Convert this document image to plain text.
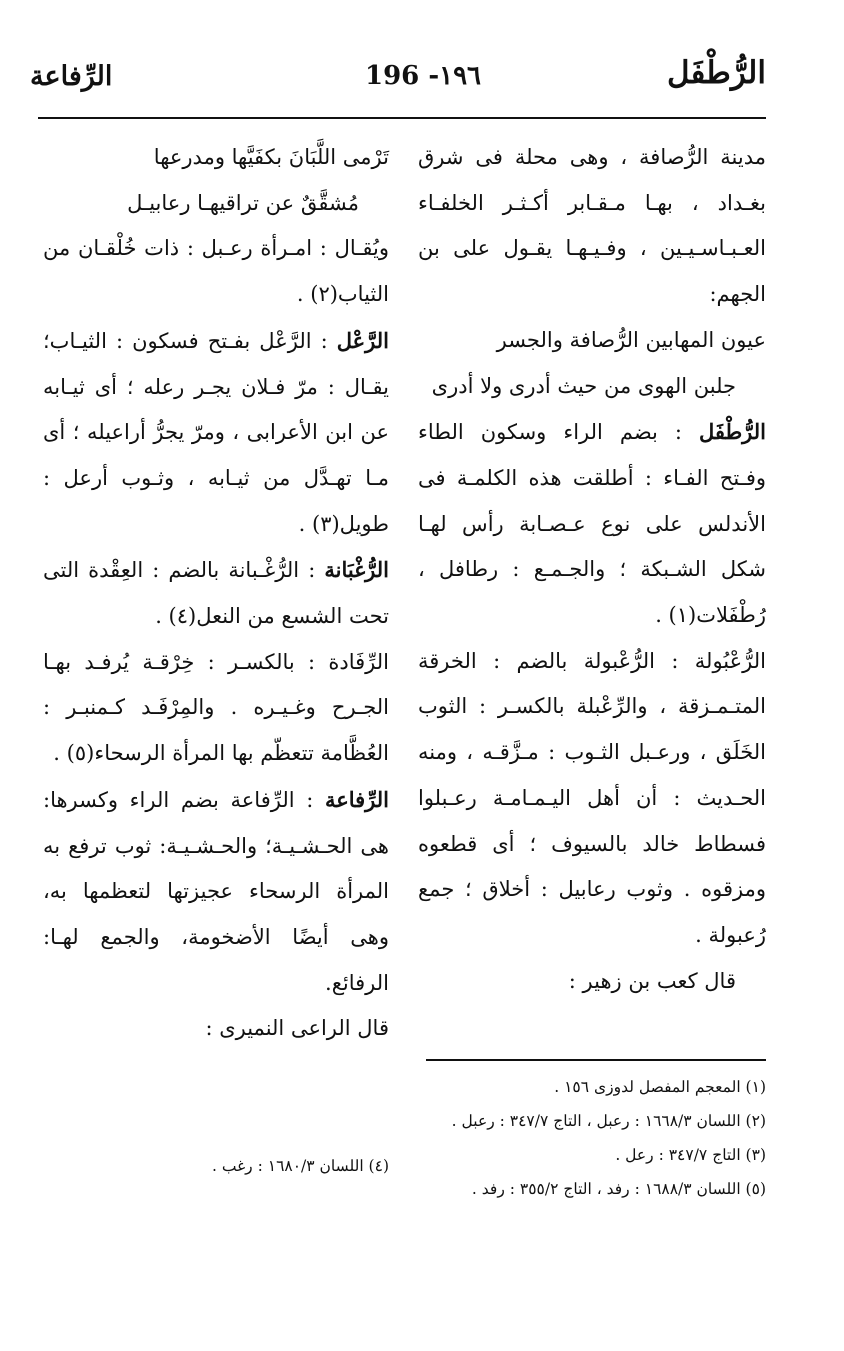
الرُّطْفَل
196 -١٩٦
الرِّفاعة

مدينة الرُّصافة ، وهى محلة فى شرق بغـداد ، بهـا مـقـابر أكـثـر الخلفـاء العـبـاسـيـين ، وفـيـهـا يقـول على بن الجهم:

عيون المهابين الرُّصافة والجسر

جلبن الهوى من حيث أدرى ولا أدرى

الرُّطْفَل : بضم الراء وسكون الطاء وفـتح الفـاء : أطلقت هذه الكلمـة فى الأندلس على نوع عـصـابة رأس لهـا شكل الشـبكة ؛ والجـمـع : رطافل ، رُطْفَلات(١) .

الرُّعْبُولة : الرُّعْبولة بالضم : الخرقة المتـمـزقة ، والرِّعْبلة بالكسـر : الثوب الخَلَق ، ورعـبل الثـوب : مـزَّقـه ، ومنه الحـديث : أن أهل اليـمـامـة رعـبلوا فسطاط خالد بالسيوف ؛ أى قطعوه ومزقوه . وثوب رعابيل : أخلاق ؛ جمع رُعبولة .

قال كعب بن زهير :

تَرْمى اللَّبَانَ بكفَيَّها ومدرعها

مُشقَّقٌ عن تراقيهـا رعابيـل

ويُقـال : امـرأة رعـبل : ذات خُلْقـان من الثياب(٢) .

الرَّعْل : الرَّعْل بفـتح فسكون : الثيـاب؛ يقـال : مرّ فـلان يجـر رعله ؛ أى ثيـابه عن ابن الأعرابى ، ومرّ يجرُّ أراعيله ؛ أى مـا تهـدَّل من ثيـابه ، وثـوب أرعل : طويل(٣) .

الرُّغْبَانة : الرُّغْـبانة بالضم : العِقْدة التى تحت الشسع من النعل(٤) .

الرِّفَادة : بالكسـر : خِرْقـة يُرفـد بهـا الجـرح وغـيـره . والمِرْفَـد كـمنبـر : العُظَّامة تتعظّم بها المرأة الرسحاء(٥) .

الرِّفاعة : الرِّفاعة بضم الراء وكسرها: هى الحـشـيـة؛ والحـشـيـة: ثوب ترفع به المرأة الرسحاء عجيزتها لتعظمها به، وهى أيضًا الأضخومة، والجمع لهـا: الرفائع.

قال الراعى النميرى :

(١) المعجم المفصل لدوزى ١٥٦ .
(٢) اللسان ١٦٦٨/٣ : رعبل ، التاج ٣٤٧/٧ : رعبل .
(٣) التاج ٣٤٧/٧ : رعل .
(٥) اللسان ١٦٨٨/٣ : رفد ، التاج ٣٥٥/٢ : رفد .
(٤) اللسان ١٦٨٠/٣ : رغب .
